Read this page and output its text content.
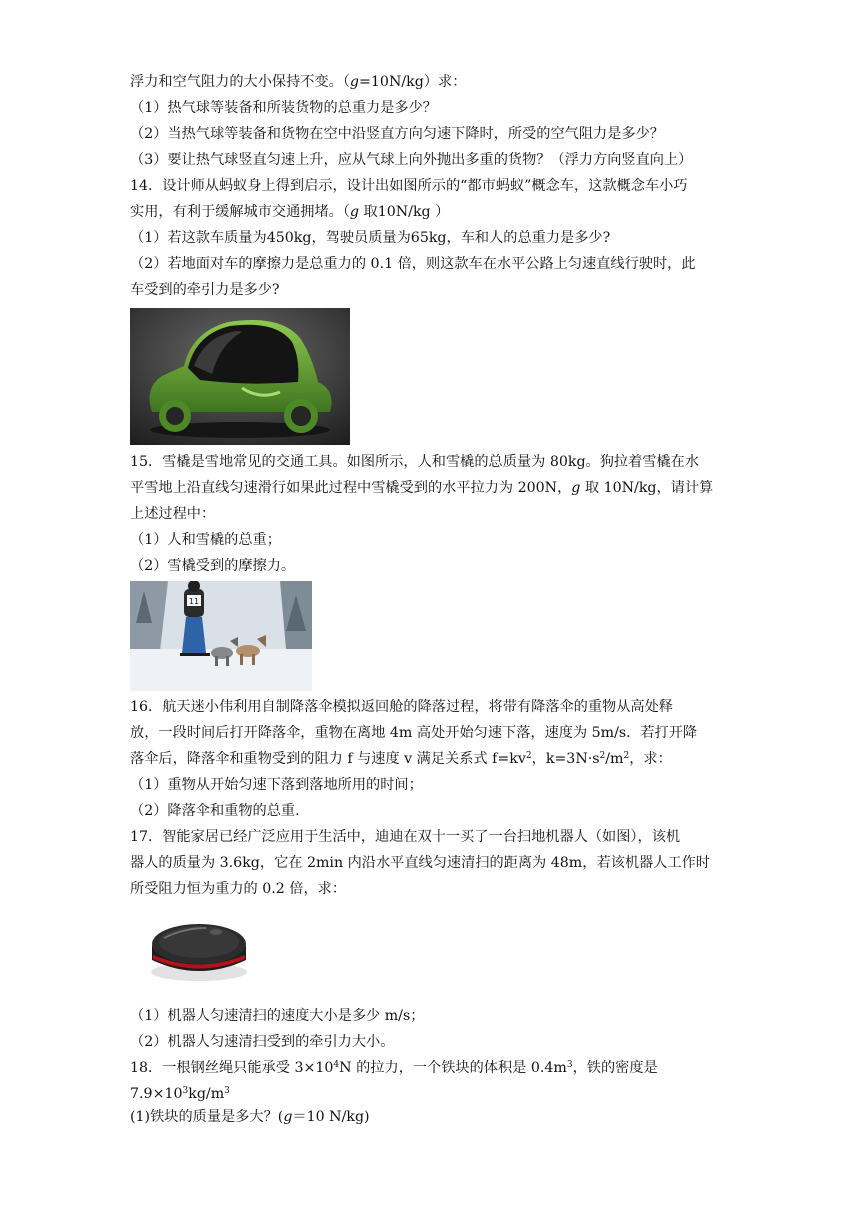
浮力和空气阻力的大小保持不变。（g=10N/kg）求：
（1）热气球等装备和所装货物的总重力是多少？
（2）当热气球等装备和货物在空中沿竖直方向匀速下降时，所受的空气阻力是多少？
（3）要让热气球竖直匀速上升，应从气球上向外抛出多重的货物？（浮力方向竖直向上）
14．设计师从蚂蚁身上得到启示，设计出如图所示的“都市蚂蚁”概念车，这款概念车小巧
实用，有利于缓解城市交通拥堵。（g 取10N/kg ）
（1）若这款车质量为450kg，驾驶员质量为65kg，车和人的总重力是多少?
（2）若地面对车的摩擦力是总重力的 0.1 倍，则这款车在水平公路上匀速直线行驶时，此
车受到的牵引力是多少?
15．雪橇是雪地常见的交通工具。如图所示，人和雪橇的总质量为 80kg。狗拉着雪橇在水
平雪地上沿直线匀速滑行如果此过程中雪橇受到的水平拉力为 200N，g 取 10N/kg，请计算
上述过程中：
（1）人和雪橇的总重；
（2）雪橇受到的摩擦力。
11
16．航天迷小伟利用自制降落伞模拟返回舱的降落过程，将带有降落伞的重物从高处释
放，一段时间后打开降落伞，重物在离地 4m 高处开始匀速下落，速度为 5m/s．若打开降
落伞后，降落伞和重物受到的阻力 f 与速度 v 满足关系式 $f=kv^2$，$k=3N\cdot s^2/m^2$，求：
（1）重物从开始匀速下落到落地所用的时间；
（2）降落伞和重物的总重.
17．智能家居已经广泛应用于生活中，迪迪在双十一买了一台扫地机器人（如图），该机
器人的质量为 3.6kg，它在 2min 内沿水平直线匀速清扫的距离为 48m，若该机器人工作时
所受阻力恒为重力的 0.2 倍，求：
（1）机器人匀速清扫的速度大小是多少 m/s；
（2）机器人匀速清扫受到的牵引力大小。
18．一根钢丝绳只能承受 $3\times 10^4N$ 的拉力，一个铁块的体积是 $0.4m^3$，铁的密度是
$7.9\times 10^3kg/m^3$
(1)铁块的质量是多大？(g＝10 N/kg)
